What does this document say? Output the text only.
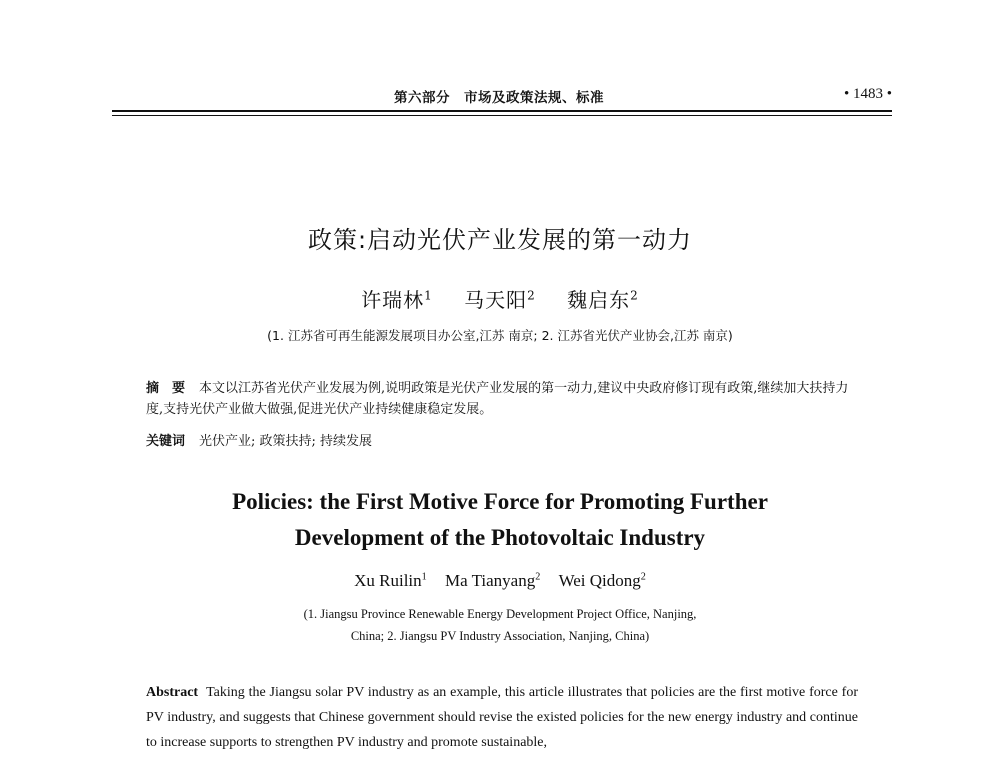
第六部分　市场及政策法规、标准	• 1483 •
政策:启动光伏产业发展的第一动力
许瑞林$^1$ 马天阳$^2$ 魏启东$^2$
(1. 江苏省可再生能源发展项目办公室,江苏 南京; 2. 江苏省光伏产业协会,江苏 南京)
摘　要 本文以江苏省光伏产业发展为例,说明政策是光伏产业发展的第一动力,建议中央政府修订现有政策,继续加大扶持力度,支持光伏产业做大做强,促进光伏产业持续健康稳定发展。
关键词 光伏产业; 政策扶持; 持续发展
Policies: the First Motive Force for Promoting Further
Development of the Photovoltaic Industry
Xu Ruilin$^1$ Ma Tianyang$^2$ Wei Qidong$^2$
(1. Jiangsu Province Renewable Energy Development Project Office, Nanjing,
China; 2. Jiangsu PV Industry Association, Nanjing, China)
Abstract Taking the Jiangsu solar PV industry as an example, this article illustrates that policies are the first motive force for PV industry, and suggests that Chinese government should revise the existed policies for the new energy industry and continue to increase supports to strengthen PV industry and promote sustainable,
